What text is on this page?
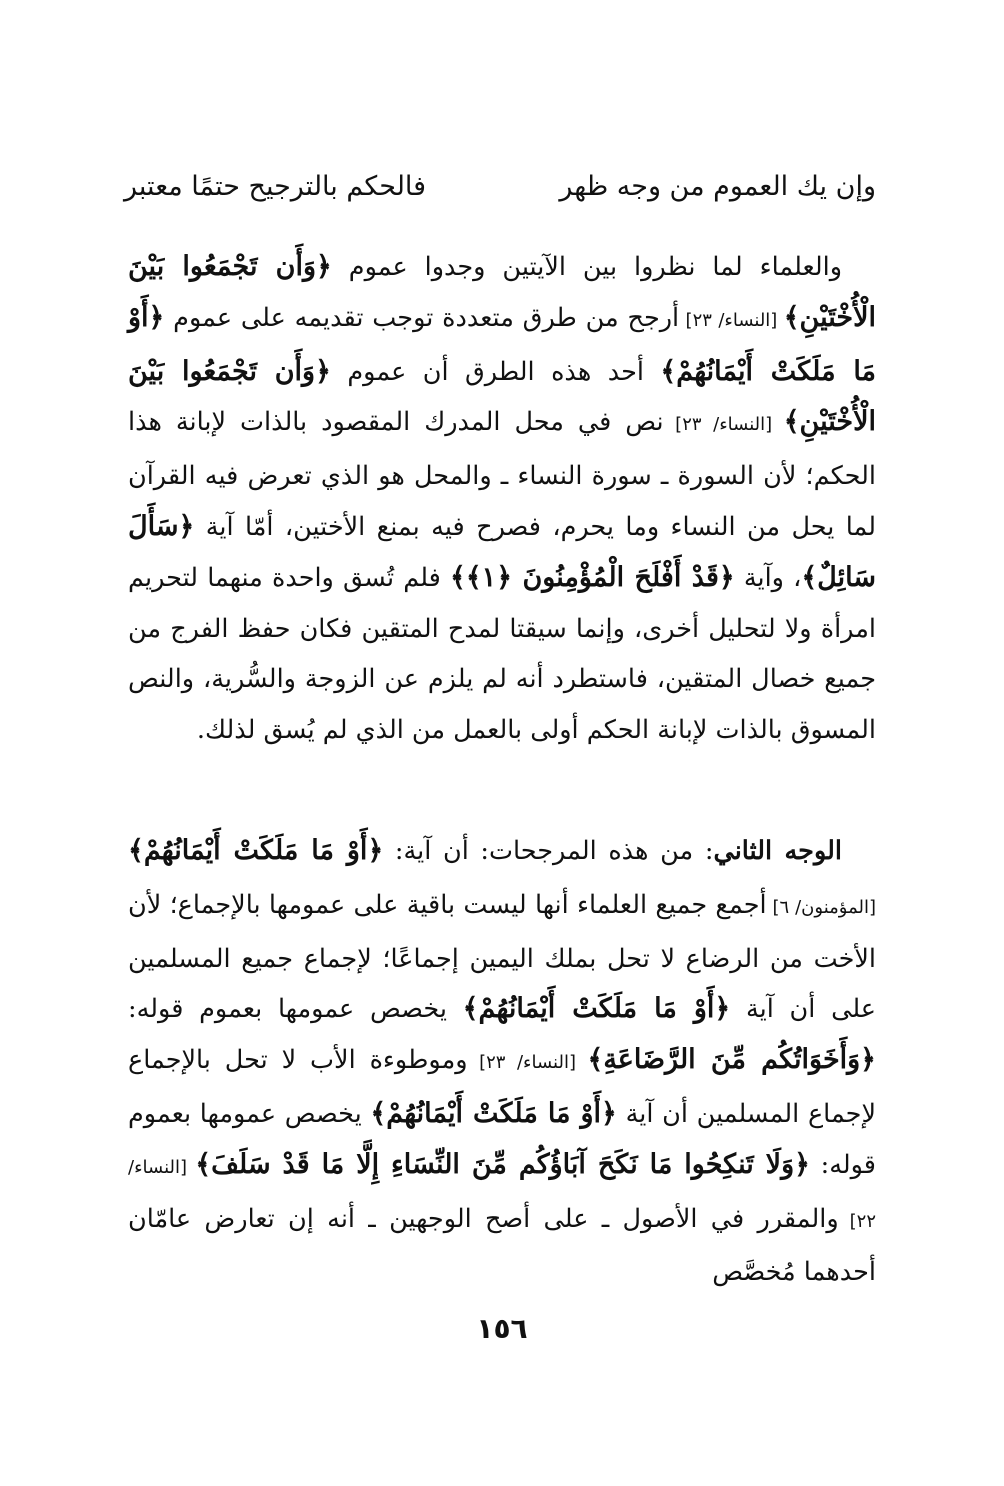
وإن يك العموم من وجه ظهر
فالحكم بالترجيح حتمًا معتبر

والعلماء لما نظروا بين الآيتين وجدوا عموم ﴿وَأَن تَجْمَعُوا بَيْنَ الْأُخْتَيْنِ﴾ [النساء/ ٢٣] أرجح من طرق متعددة توجب تقديمه على عموم ﴿أَوْ مَا مَلَكَتْ أَيْمَانُهُمْ﴾ أحد هذه الطرق أن عموم ﴿وَأَن تَجْمَعُوا بَيْنَ الْأُخْتَيْنِ﴾ [النساء/ ٢٣] نص في محل المدرك المقصود بالذات لإبانة هذا الحكم؛ لأن السورة ـ سورة النساء ـ والمحل هو الذي تعرض فيه القرآن لما يحل من النساء وما يحرم، فصرح فيه بمنع الأختين، أمّا آية ﴿سَأَلَ سَائِلٌ﴾، وآية ﴿قَدْ أَفْلَحَ الْمُؤْمِنُونَ ﴿١﴾﴾ فلم تُسق واحدة منهما لتحريم امرأة ولا لتحليل أخرى، وإنما سيقتا لمدح المتقين فكان حفظ الفرج من جميع خصال المتقين، فاستطرد أنه لم يلزم عن الزوجة والسُّرية، والنص المسوق بالذات لإبانة الحكم أولى بالعمل من الذي لم يُسق لذلك.

الوجه الثاني: من هذه المرجحات: أن آية: ﴿أَوْ مَا مَلَكَتْ أَيْمَانُهُمْ﴾ [المؤمنون/ ٦] أجمع جميع العلماء أنها ليست باقية على عمومها بالإجماع؛ لأن الأخت من الرضاع لا تحل بملك اليمين إجماعًا؛ لإجماع جميع المسلمين على أن آية ﴿أَوْ مَا مَلَكَتْ أَيْمَانُهُمْ﴾ يخصص عمومها بعموم قوله: ﴿وَأَخَوَاتُكُم مِّنَ الرَّضَاعَةِ﴾ [النساء/ ٢٣] وموطوءة الأب لا تحل بالإجماع لإجماع المسلمين أن آية ﴿أَوْ مَا مَلَكَتْ أَيْمَانُهُمْ﴾ يخصص عمومها بعموم قوله: ﴿وَلَا تَنكِحُوا مَا نَكَحَ آبَاؤُكُم مِّنَ النِّسَاءِ إِلَّا مَا قَدْ سَلَفَ﴾ [النساء/ ٢٢] والمقرر في الأصول ـ على أصح الوجهين ـ أنه إن تعارض عامّان أحدهما مُخصَّص

١٥٦
